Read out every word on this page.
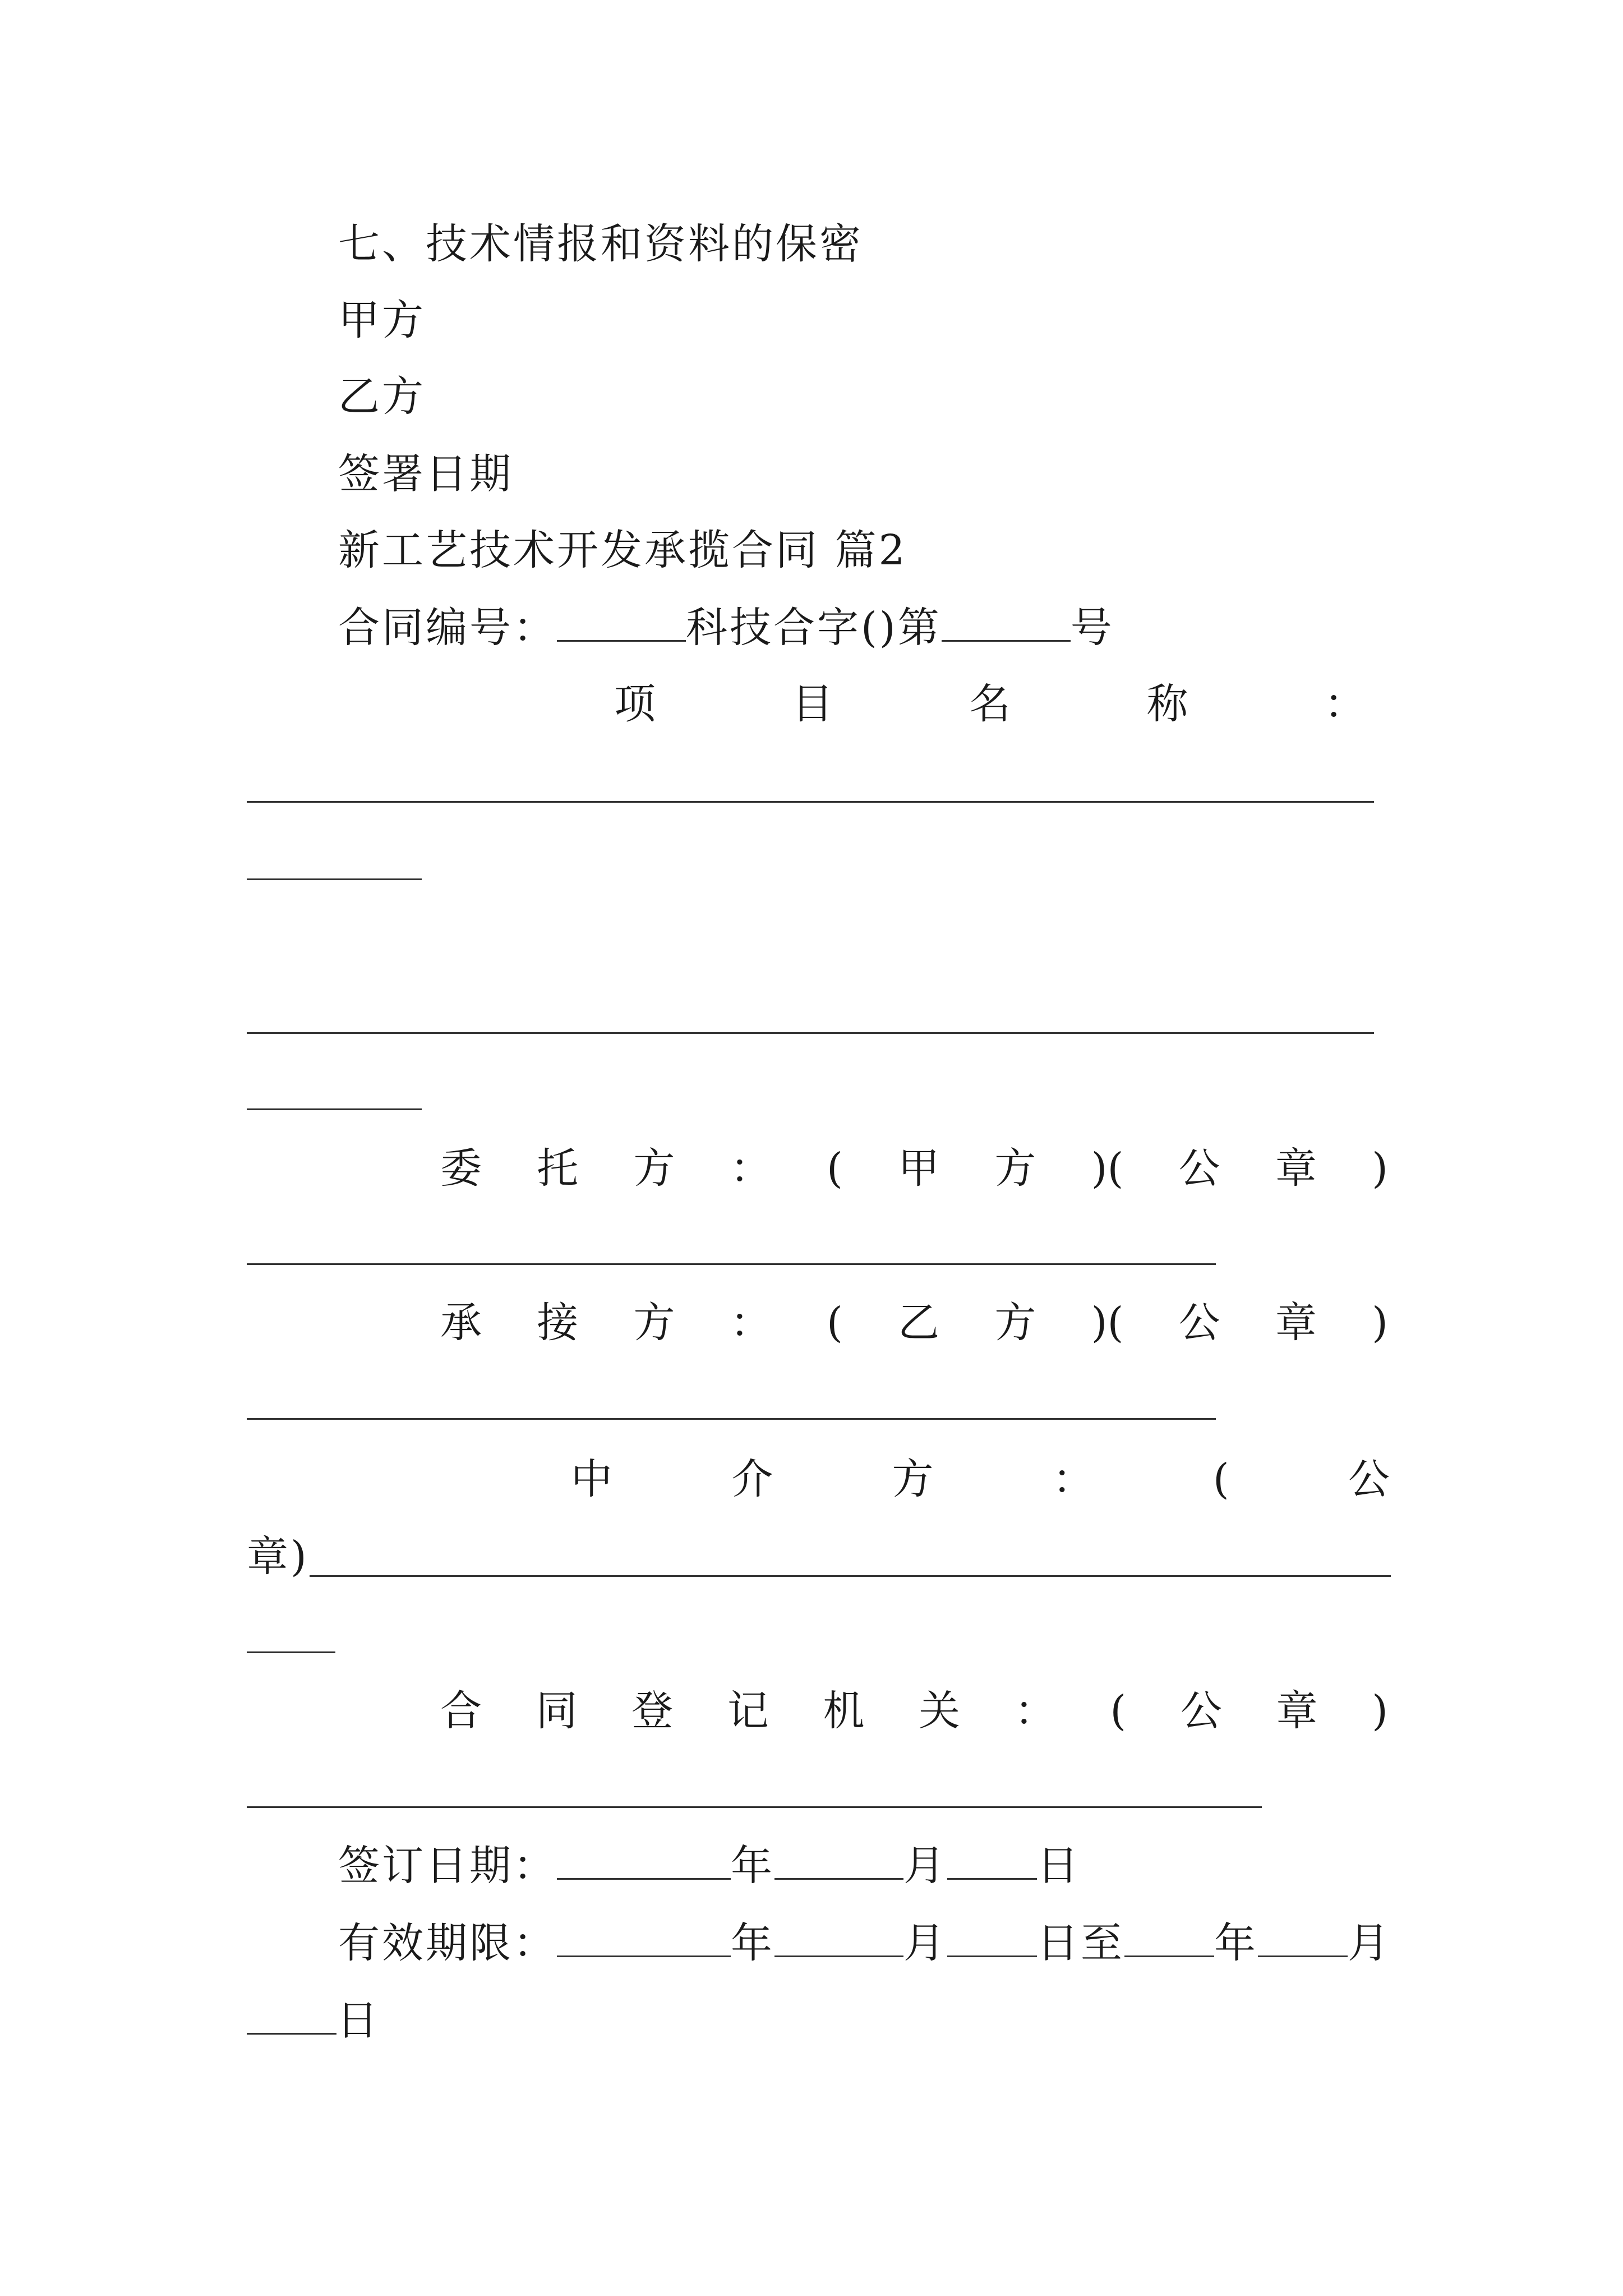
七、技术情报和资料的保密
甲方
乙方
签署日期
新工艺技术开发承揽合同 篇2
合同编号：	科技合字()第	号
项	目	名	称	：
委 托 方 ： ( 甲 方 )( 公 章 )
承 接 方 ： ( 乙 方 )( 公 章 )
中	介	方	：	(	公
章)
合 同 登 记 机 关 ： ( 公 章 )
签订日期：	年	月 日
有效期限：	年	月 日至 年 月
日
